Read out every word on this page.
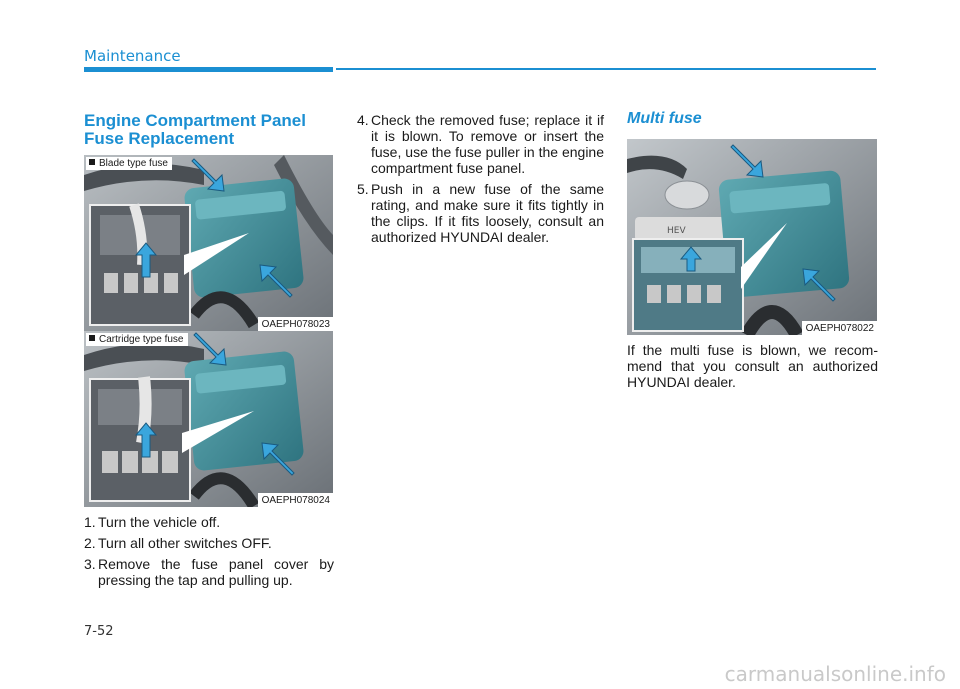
Maintenance
Engine Compartment Panel
Fuse Replacement
Blade type fuse
OAEPH078023
Cartridge type fuse
OAEPH078024
1. Turn the vehicle off.
2. Turn all other switches OFF.
3. Remove the fuse panel cover by pressing the tap and pulling up.
4. Check the removed fuse; replace it if it is blown. To remove or insert the fuse, use the fuse puller in the engine compartment fuse panel.
5. Push in a new fuse of the same rating, and make sure it fits tightly in the clips. If it fits loosely, consult an authorized HYUNDAI dealer.
Multi fuse
HEV
OAEPH078022

If the multi fuse is blown, we recom-mend that you consult an authorized HYUNDAI dealer.

7-52
carmanualsonline.info
